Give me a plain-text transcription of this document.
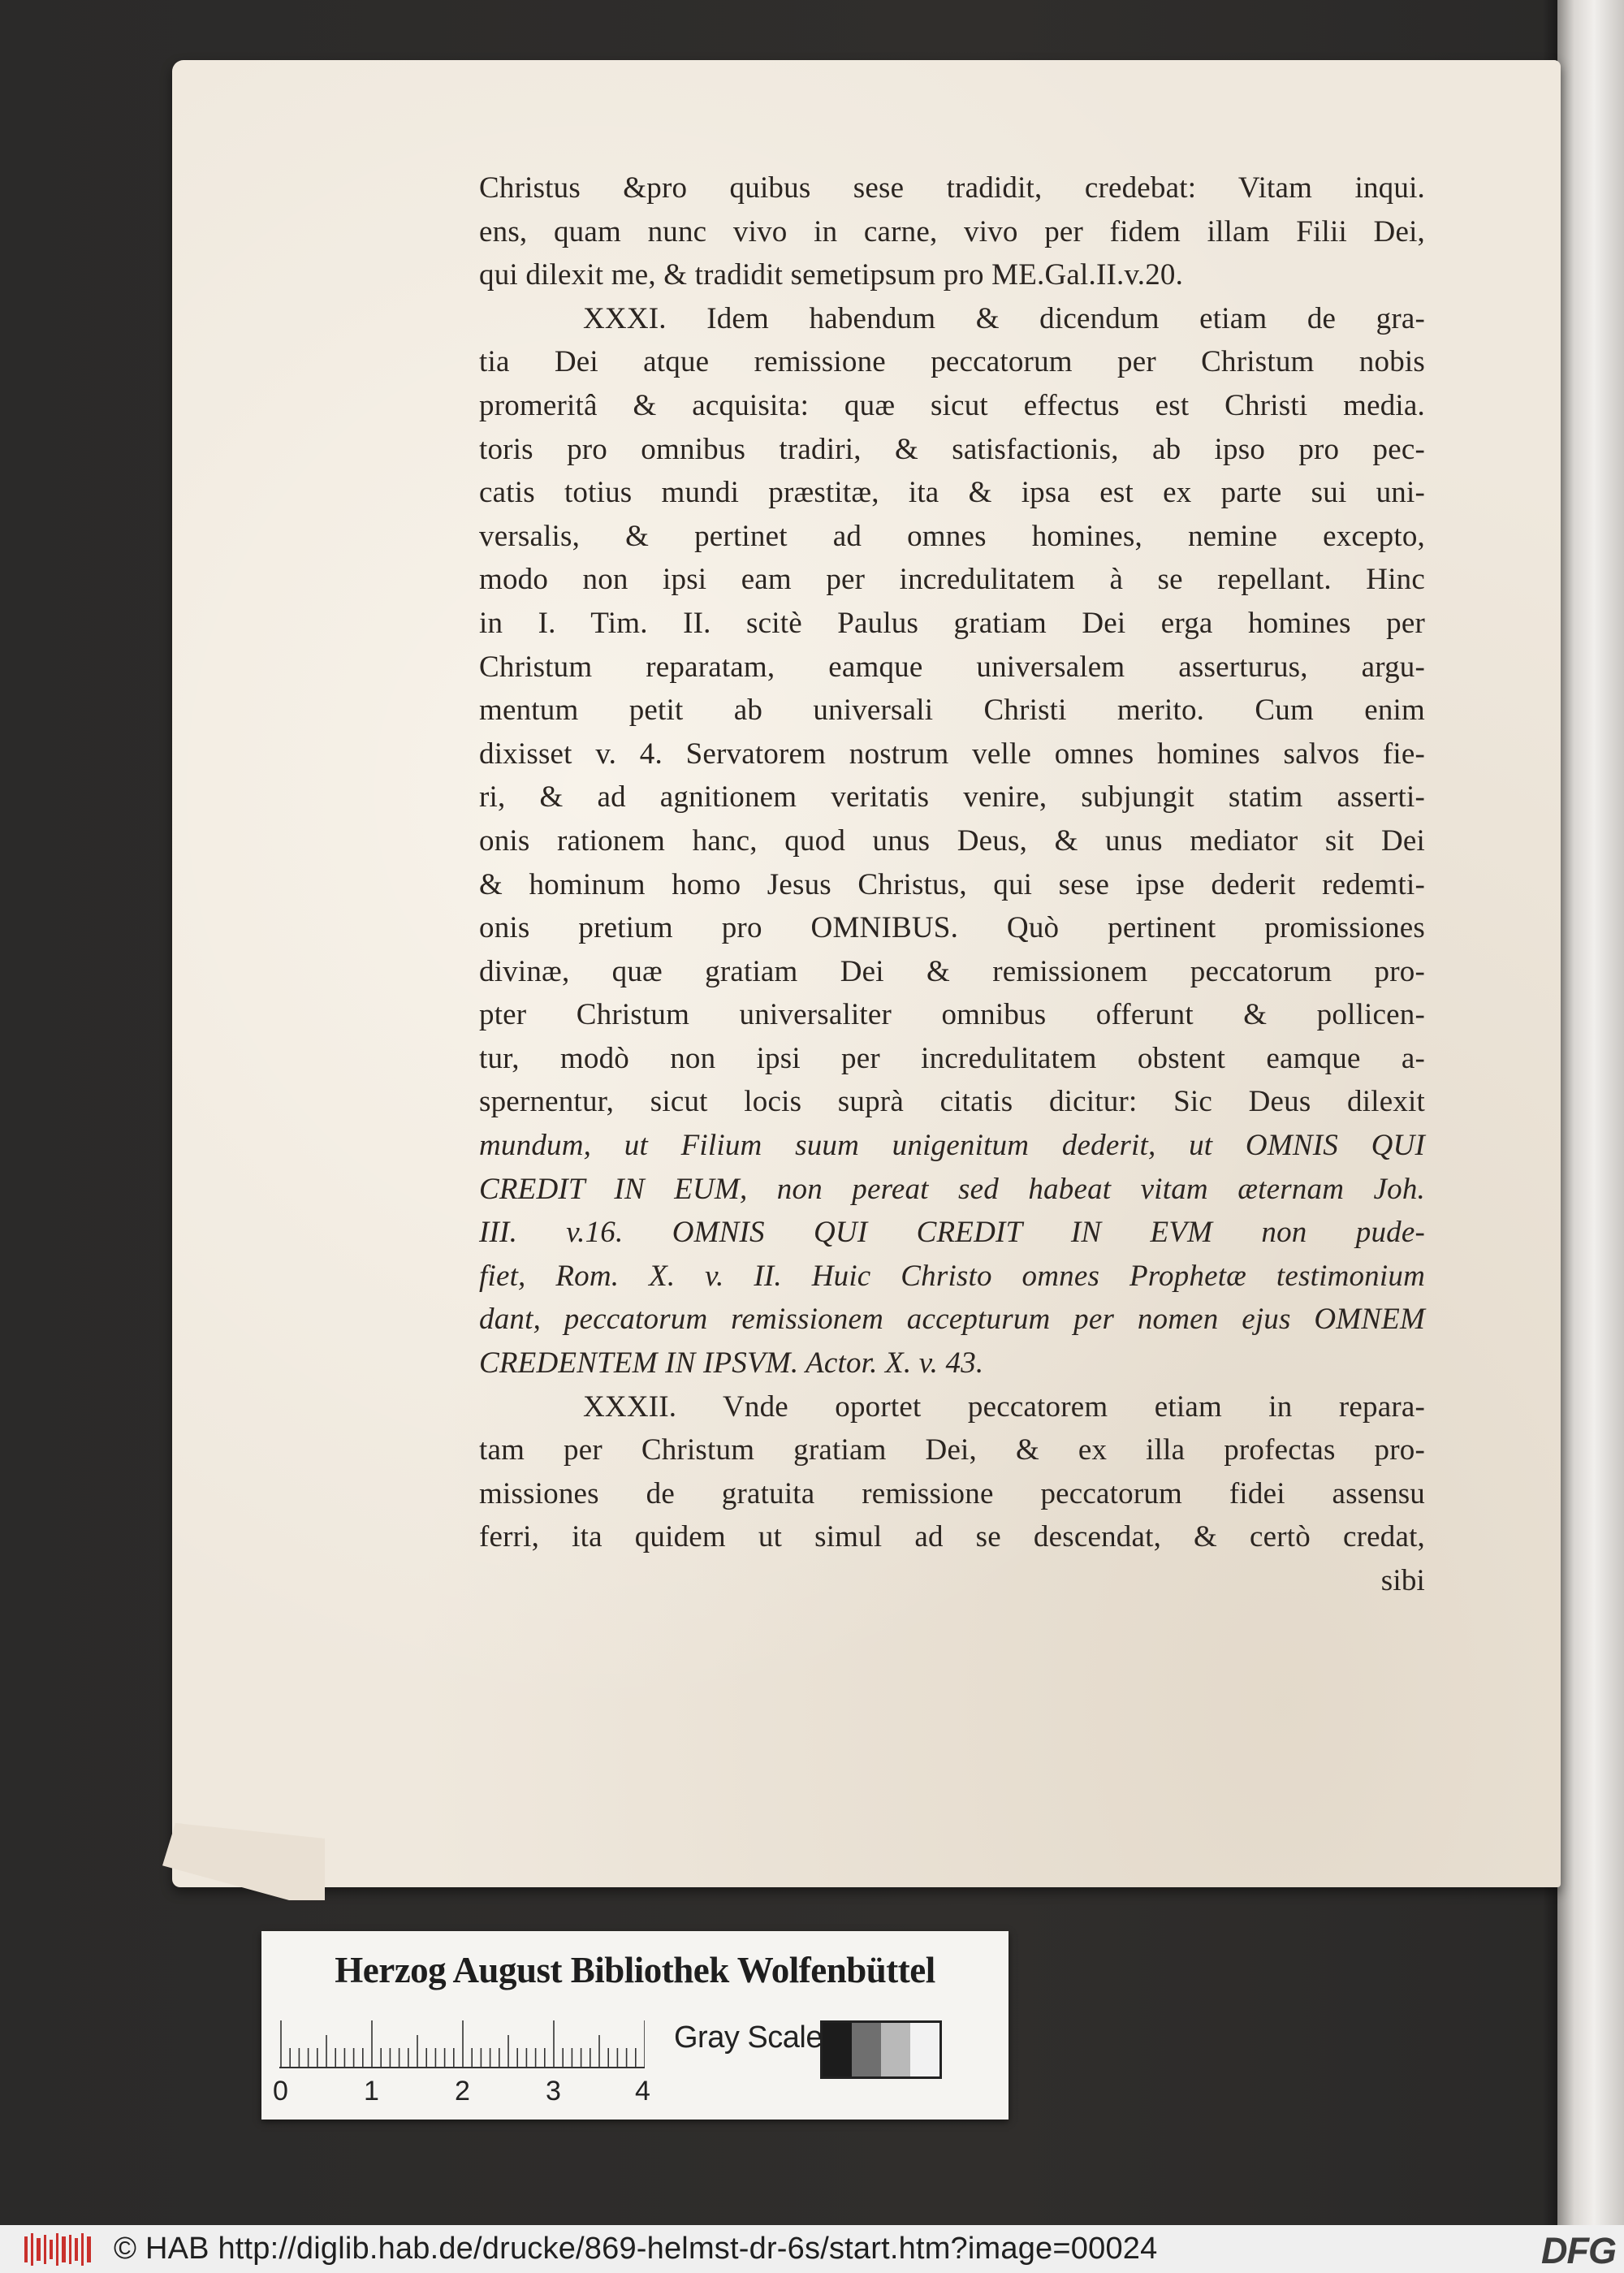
Christus &pro quibus sese tradidit, credebat: Vitam inqui.
ens, quam nunc vivo in carne, vivo per fidem illam Filii Dei,
qui dilexit me, & tradidit semetipsum pro ME.Gal.II.v.20.
XXXI. Idem habendum & dicendum etiam de gra-
tia Dei atque remissione peccatorum per Christum nobis
promeritâ & acquisita: quæ sicut effectus est Christi media.
toris pro omnibus tradiri, & satisfactionis, ab ipso pro pec-
catis totius mundi præstitæ, ita & ipsa est ex parte sui uni-
versalis, & pertinet ad omnes homines, nemine excepto,
modo non ipsi eam per incredulitatem à se repellant. Hinc
in I. Tim. II. scitè Paulus gratiam Dei erga homines per
Christum reparatam, eamque universalem asserturus, argu-
mentum petit ab universali Christi merito. Cum enim
dixisset v. 4. Servatorem nostrum velle omnes homines salvos fie-
ri, & ad agnitionem veritatis venire, subjungit statim asserti-
onis rationem hanc, quod unus Deus, & unus mediator sit Dei
& hominum homo Jesus Christus, qui sese ipse dederit redemti-
onis pretium pro OMNIBUS. Quò pertinent promissiones
divinæ, quæ gratiam Dei & remissionem peccatorum pro-
pter Christum universaliter omnibus offerunt & pollicen-
tur, modò non ipsi per incredulitatem obstent eamque a-
spernentur, sicut locis suprà citatis dicitur: Sic Deus dilexit
mundum, ut Filium suum unigenitum dederit, ut OMNIS QUI
CREDIT IN EUM, non pereat sed habeat vitam æternam Joh.
III. v.16. OMNIS QUI CREDIT IN EVM non pude-
fiet, Rom. X. v. II. Huic Christo omnes Prophetæ testimonium
dant, peccatorum remissionem accepturum per nomen ejus OMNEM
CREDENTEM IN IPSVM. Actor. X. v. 43.
XXXII. Vnde oportet peccatorem etiam in repara-
tam per Christum gratiam Dei, & ex illa profectas pro-
missiones de gratuita remissione peccatorum fidei assensu
ferri, ita quidem ut simul ad se descendat, & certò credat,
sibi
Herzog August Bibliothek Wolfenbüttel
0	1	2	3	4
Gray Scale
© HAB http://diglib.hab.de/drucke/869-helmst-dr-6s/start.htm?image=00024	DFG
